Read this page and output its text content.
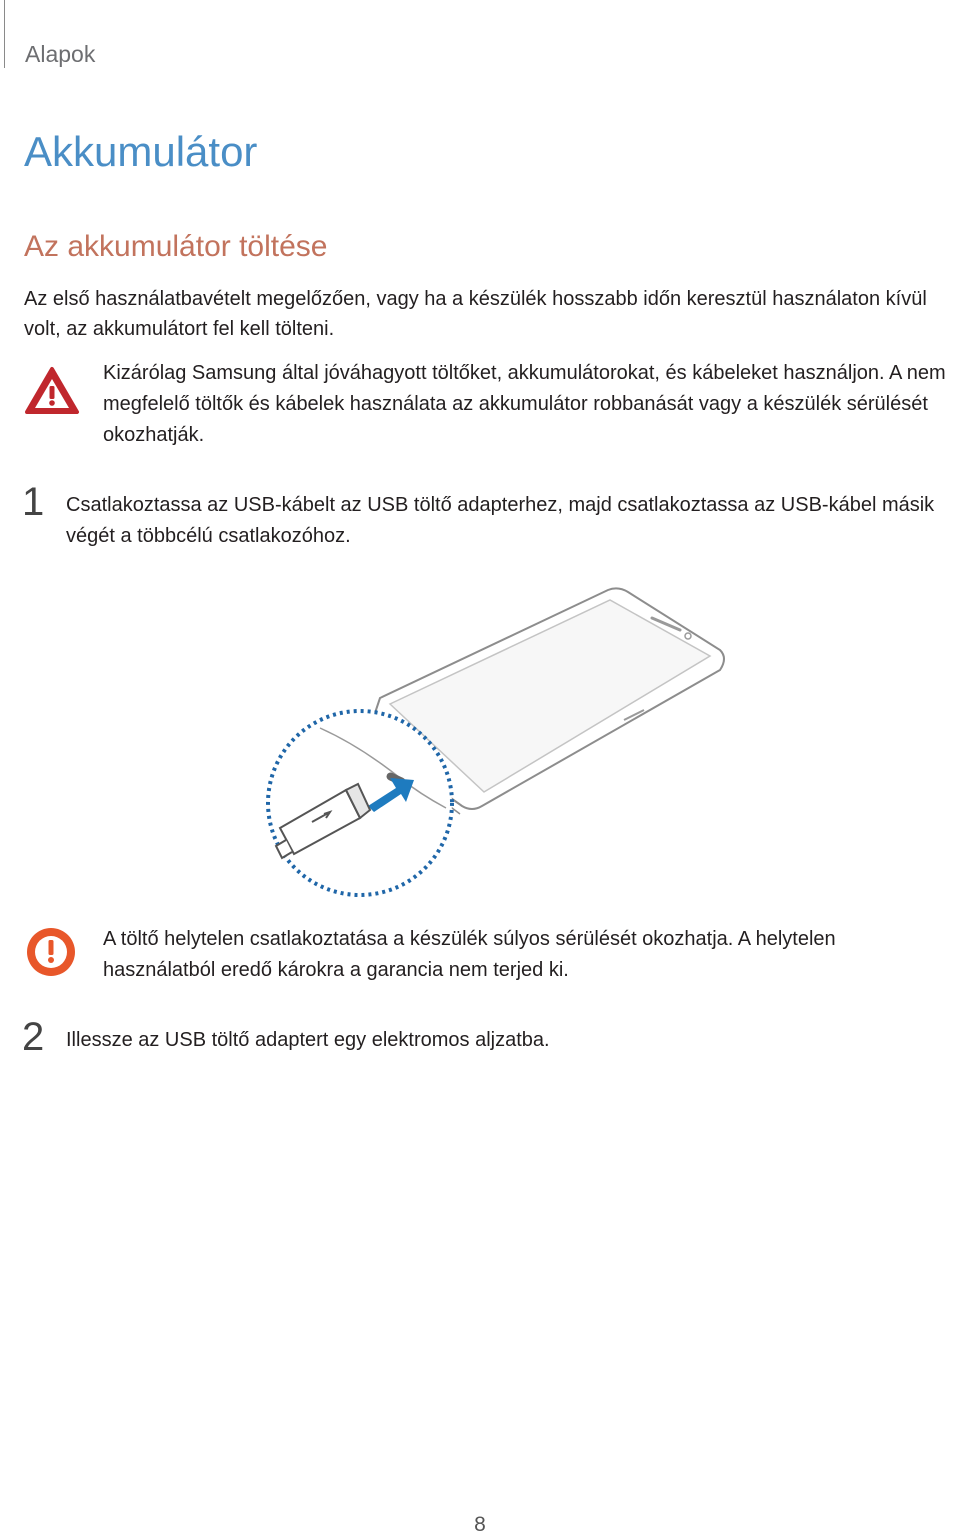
Alapok
Akkumulátor
Az akkumulátor töltése

Az első használatbavételt megelőzően, vagy ha a készülék hosszabb időn keresztül használaton kívül volt, az akkumulátort fel kell tölteni.

Kizárólag Samsung által jóváhagyott töltőket, akkumulátorokat, és kábeleket használjon. A nem megfelelő töltők és kábelek használata az akkumulátor robbanását vagy a készülék sérülését okozhatják.

1 Csatlakoztassa az USB-kábelt az USB töltő adapterhez, majd csatlakoztassa az USB-kábel másik végét a többcélú csatlakozóhoz.

A töltő helytelen csatlakoztatása a készülék súlyos sérülését okozhatja. A helytelen használatból eredő károkra a garancia nem terjed ki.

2 Illessze az USB töltő adaptert egy elektromos aljzatba.

8
